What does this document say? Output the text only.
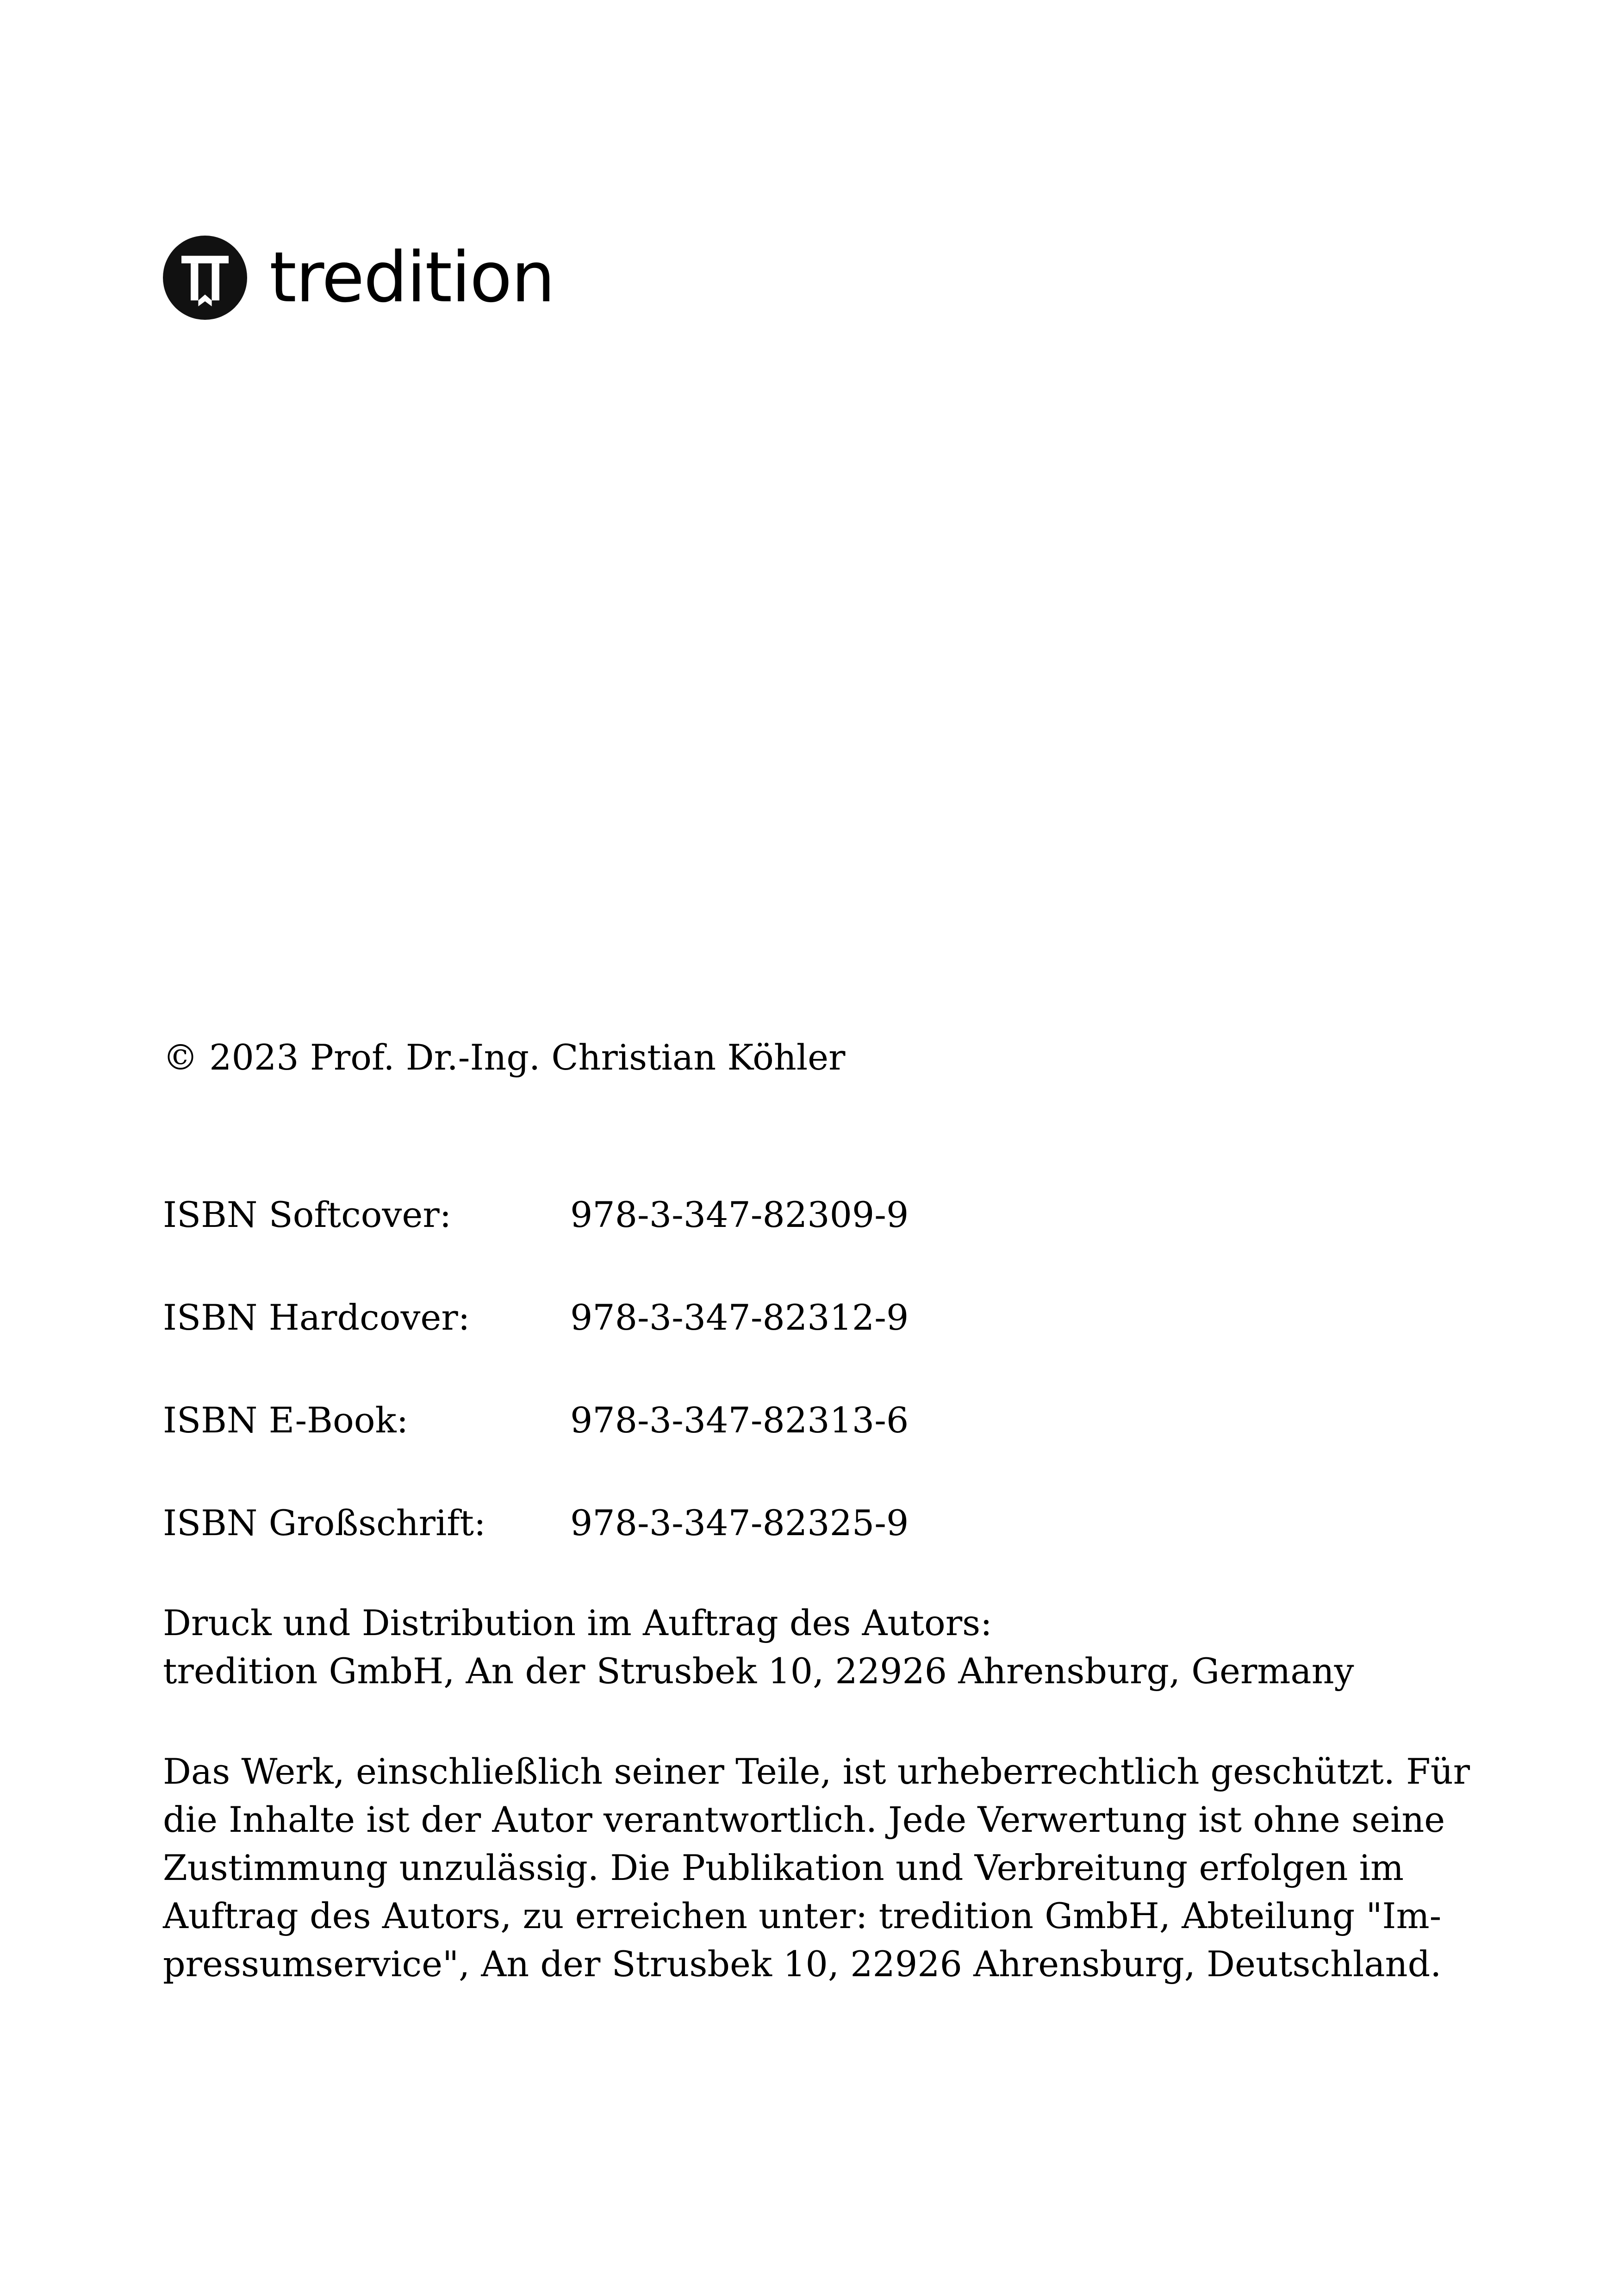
tredition
© 2023 Prof. Dr.-Ing. Christian Köhler
ISBN Softcover:	978-3-347-82309-9
ISBN Hardcover:	978-3-347-82312-9
ISBN E-Book:	978-3-347-82313-6
ISBN Großschrift: 978-3-347-82325-9
Druck und Distribution im Auftrag des Autors:
tredition GmbH, An der Strusbek 10, 22926 Ahrensburg, Germany
Das Werk, einschließlich seiner Teile, ist urheberrechtlich geschützt. Für
die Inhalte ist der Autor verantwortlich. Jede Verwertung ist ohne seine
Zustimmung unzulässig. Die Publikation und Verbreitung erfolgen im
Auftrag des Autors, zu erreichen unter: tredition GmbH, Abteilung "Im-
pressumservice", An der Strusbek 10, 22926 Ahrensburg, Deutschland.
